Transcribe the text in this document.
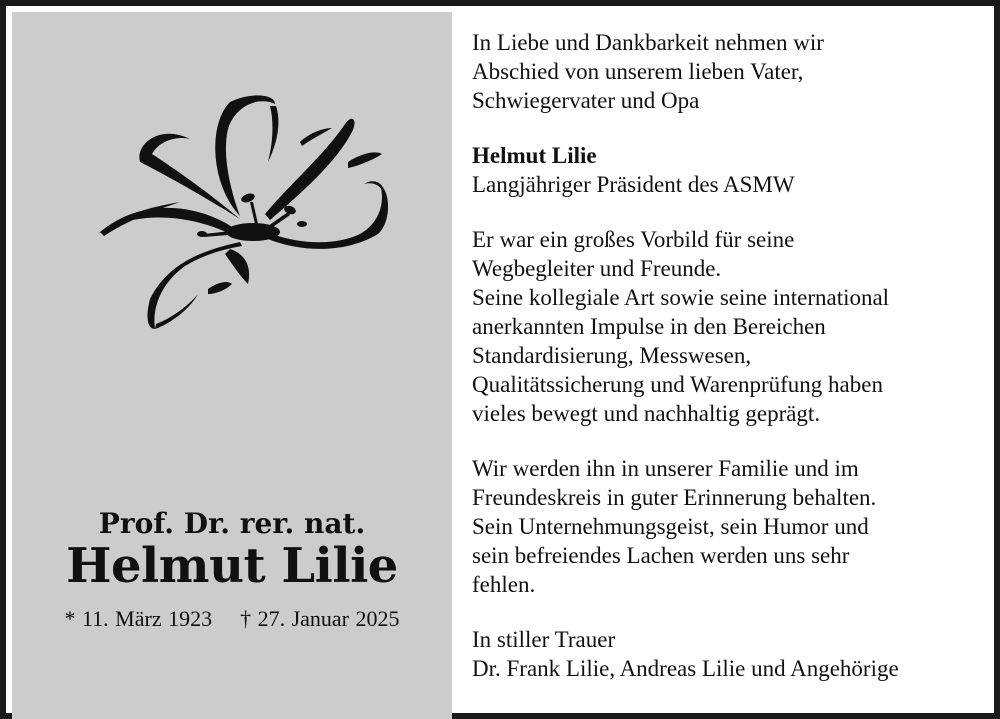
Prof. Dr. rer. nat.
Helmut Lilie
* 11. März 1923 † 27. Januar 2025

In Liebe und Dankbarkeit nehmen wir

Abschied von unserem lieben Vater,

Schwiegervater und Opa

Helmut Lilie

Langjähriger Präsident des ASMW

Er war ein großes Vorbild für seine

Wegbegleiter und Freunde.

Seine kollegiale Art sowie seine international

anerkannten Impulse in den Bereichen

Standardisierung, Messwesen,

Qualitätssicherung und Warenprüfung haben

vieles bewegt und nachhaltig geprägt.

Wir werden ihn in unserer Familie und im

Freundeskreis in guter Erinnerung behalten.

Sein Unternehmungsgeist, sein Humor und

sein befreiendes Lachen werden uns sehr

fehlen.

In stiller Trauer

Dr. Frank Lilie, Andreas Lilie und Angehörige
